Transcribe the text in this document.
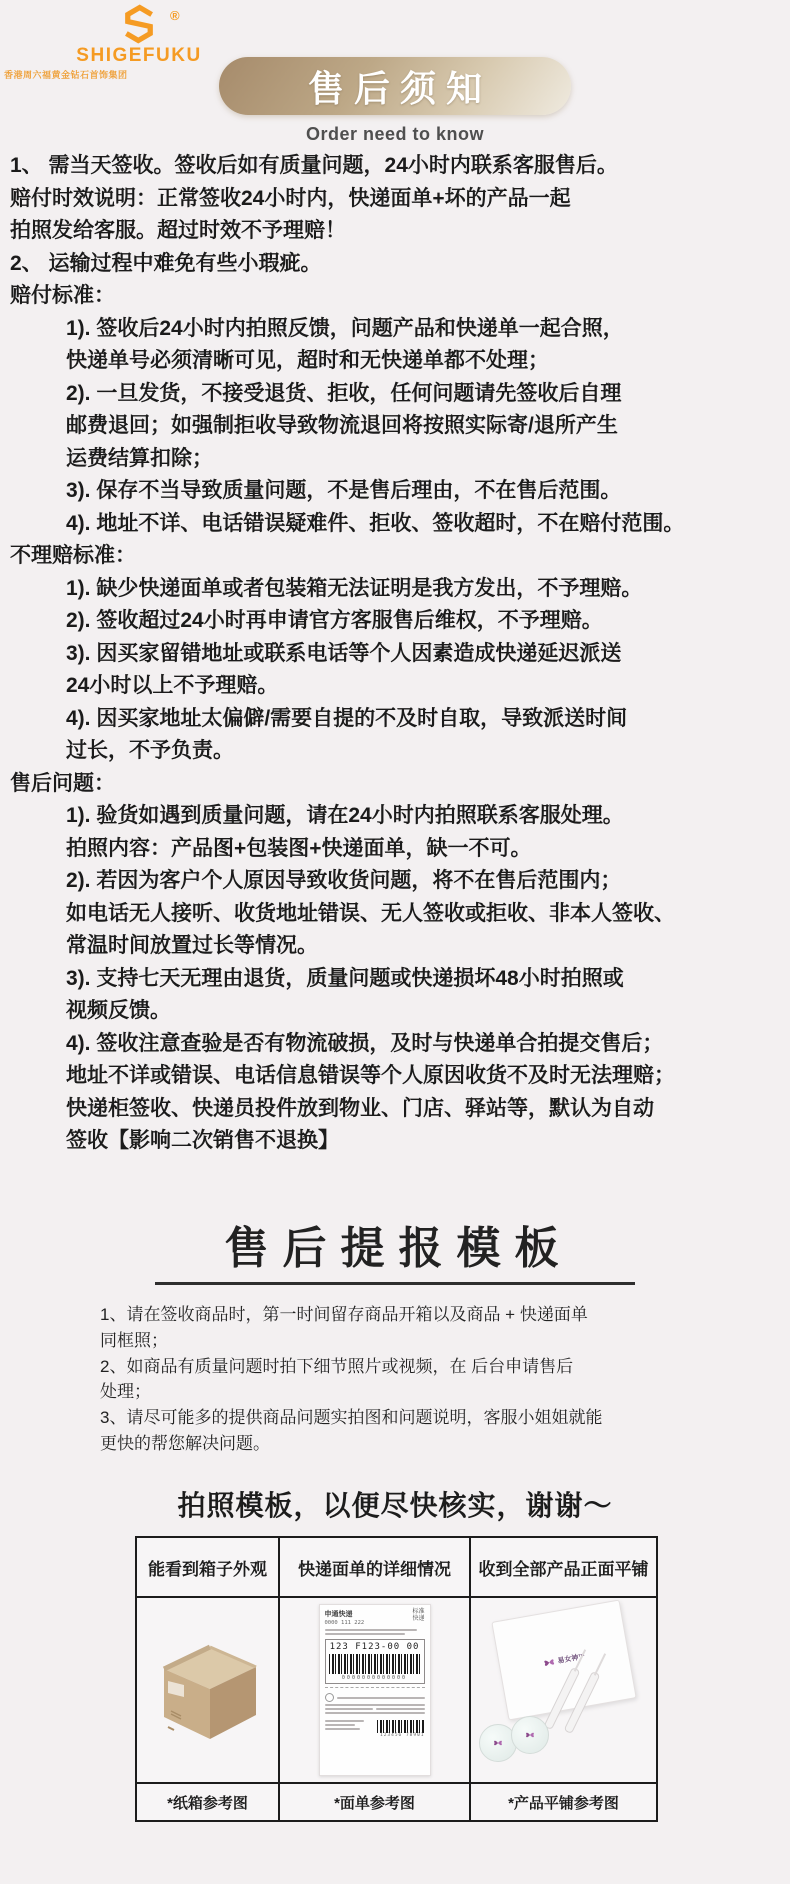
®
SHIGEFUKU
香港周六福黄金钻石首饰集团	售后须知
Order need to know

1、 需当天签收。签收后如有质量问题，24小时内联系客服售后。

赔付时效说明：正常签收24小时内，快递面单+坏的产品一起

拍照发给客服。超过时效不予理赔！

2、 运输过程中难免有些小瑕疵。

赔付标准：

1). 签收后24小时内拍照反馈，问题产品和快递单一起合照，

快递单号必须清晰可见，超时和无快递单都不处理；

2). 一旦发货，不接受退货、拒收，任何问题请先签收后自理

邮费退回；如强制拒收导致物流退回将按照实际寄/退所产生

运费结算扣除；

3). 保存不当导致质量问题，不是售后理由，不在售后范围。

4). 地址不详、电话错误疑难件、拒收、签收超时，不在赔付范围。

不理赔标准：

1). 缺少快递面单或者包装箱无法证明是我方发出，不予理赔。

2). 签收超过24小时再申请官方客服售后维权，不予理赔。

3). 因买家留错地址或联系电话等个人因素造成快递延迟派送

24小时以上不予理赔。

4). 因买家地址太偏僻/需要自提的不及时自取，导致派送时间

过长，不予负责。

售后问题：

1). 验货如遇到质量问题，请在24小时内拍照联系客服处理。

拍照内容：产品图+包装图+快递面单，缺一不可。

2). 若因为客户个人原因导致收货问题，将不在售后范围内；

如电话无人接听、收货地址错误、无人签收或拒收、非本人签收、

常温时间放置过长等情况。

3). 支持七天无理由退货，质量问题或快递损坏48小时拍照或

视频反馈。

4). 签收注意查验是否有物流破损，及时与快递单合拍提交售后；

地址不详或错误、电话信息错误等个人原因收货不及时无法理赔；

快递柜签收、快递员投件放到物业、门店、驿站等，默认为自动

签收【影响二次销售不退换】

售后提报模板

1、请在签收商品时，第一时间留存商品开箱以及商品 + 快递面单

同框照；

2、如商品有质量问题时拍下细节照片或视频，在 后台申请售后

处理；

3、请尽可能多的提供商品问题实拍图和问题说明，客服小姐姐就能

更快的帮您解决问题。

拍照模板，以便尽快核实，谢谢～
能看到箱子外观	快递面单的详细情况	收到全部产品正面平铺
申通快递
0000 111 222
标准快递
123 F123-00 00
0000000000000
123456 78901
易女神™
*纸箱参考图	*面单参考图	*产品平铺参考图
